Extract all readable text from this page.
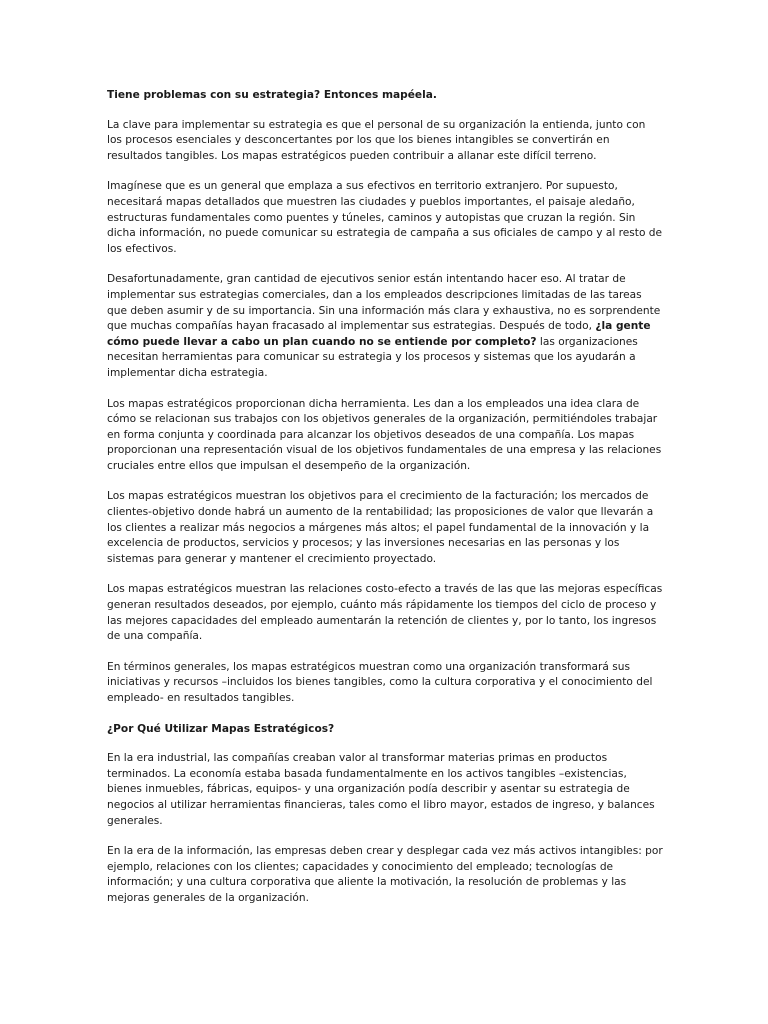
Tiene problemas con su estrategia? Entonces mapéela.

La clave para implementar su estrategia es que el personal de su organización la entienda, junto con los procesos esenciales y desconcertantes por los que los bienes intangibles se convertirán en resultados tangibles. Los mapas estratégicos pueden contribuir a allanar este difícil terreno.

Imagínese que es un general que emplaza a sus efectivos en territorio extranjero. Por supuesto, necesitará mapas detallados que muestren las ciudades y pueblos importantes, el paisaje aledaño, estructuras fundamentales como puentes y túneles, caminos y autopistas que cruzan la región. Sin dicha información, no puede comunicar su estrategia de campaña a sus oficiales de campo y al resto de los efectivos.

Desafortunadamente, gran cantidad de ejecutivos senior están intentando hacer eso. Al tratar de implementar sus estrategias comerciales, dan a los empleados descripciones limitadas de las tareas que deben asumir y de su importancia. Sin una información más clara y exhaustiva, no es sorprendente que muchas compañías hayan fracasado al implementar sus estrategias. Después de todo, ¿la gente cómo puede llevar a cabo un plan cuando no se entiende por completo? las organizaciones necesitan herramientas para comunicar su estrategia y los procesos y sistemas que los ayudarán a implementar dicha estrategia.

Los mapas estratégicos proporcionan dicha herramienta. Les dan a los empleados una idea clara de cómo se relacionan sus trabajos con los objetivos generales de la organización, permitiéndoles trabajar en forma conjunta y coordinada para alcanzar los objetivos deseados de una compañía. Los mapas proporcionan una representación visual de los objetivos fundamentales de una empresa y las relaciones cruciales entre ellos que impulsan el desempeño de la organización.

Los mapas estratégicos muestran los objetivos para el crecimiento de la facturación; los mercados de clientes-objetivo donde habrá un aumento de la rentabilidad; las proposiciones de valor que llevarán a los clientes a realizar más negocios a márgenes más altos; el papel fundamental de la innovación y la excelencia de productos, servicios y procesos; y las inversiones necesarias en las personas y los sistemas para generar y mantener el crecimiento proyectado.

Los mapas estratégicos muestran las relaciones costo-efecto a través de las que las mejoras específicas generan resultados deseados, por ejemplo, cuánto más rápidamente los tiempos del ciclo de proceso y las mejores capacidades del empleado aumentarán la retención de clientes y, por lo tanto, los ingresos de una compañía.

En términos generales, los mapas estratégicos muestran como una organización transformará sus iniciativas y recursos –incluidos los bienes tangibles, como la cultura corporativa y el conocimiento del empleado- en resultados tangibles.

¿Por Qué Utilizar Mapas Estratégicos?

En la era industrial, las compañías creaban valor al transformar materias primas en productos terminados. La economía estaba basada fundamentalmente en los activos tangibles –existencias, bienes inmuebles, fábricas, equipos- y una organización podía describir y asentar su estrategia de negocios al utilizar herramientas financieras, tales como el libro mayor, estados de ingreso, y balances generales.

En la era de la información, las empresas deben crear y desplegar cada vez más activos intangibles: por ejemplo, relaciones con los clientes; capacidades y conocimiento del empleado; tecnologías de información; y una cultura corporativa que aliente la motivación, la resolución de problemas y las mejoras generales de la organización.
